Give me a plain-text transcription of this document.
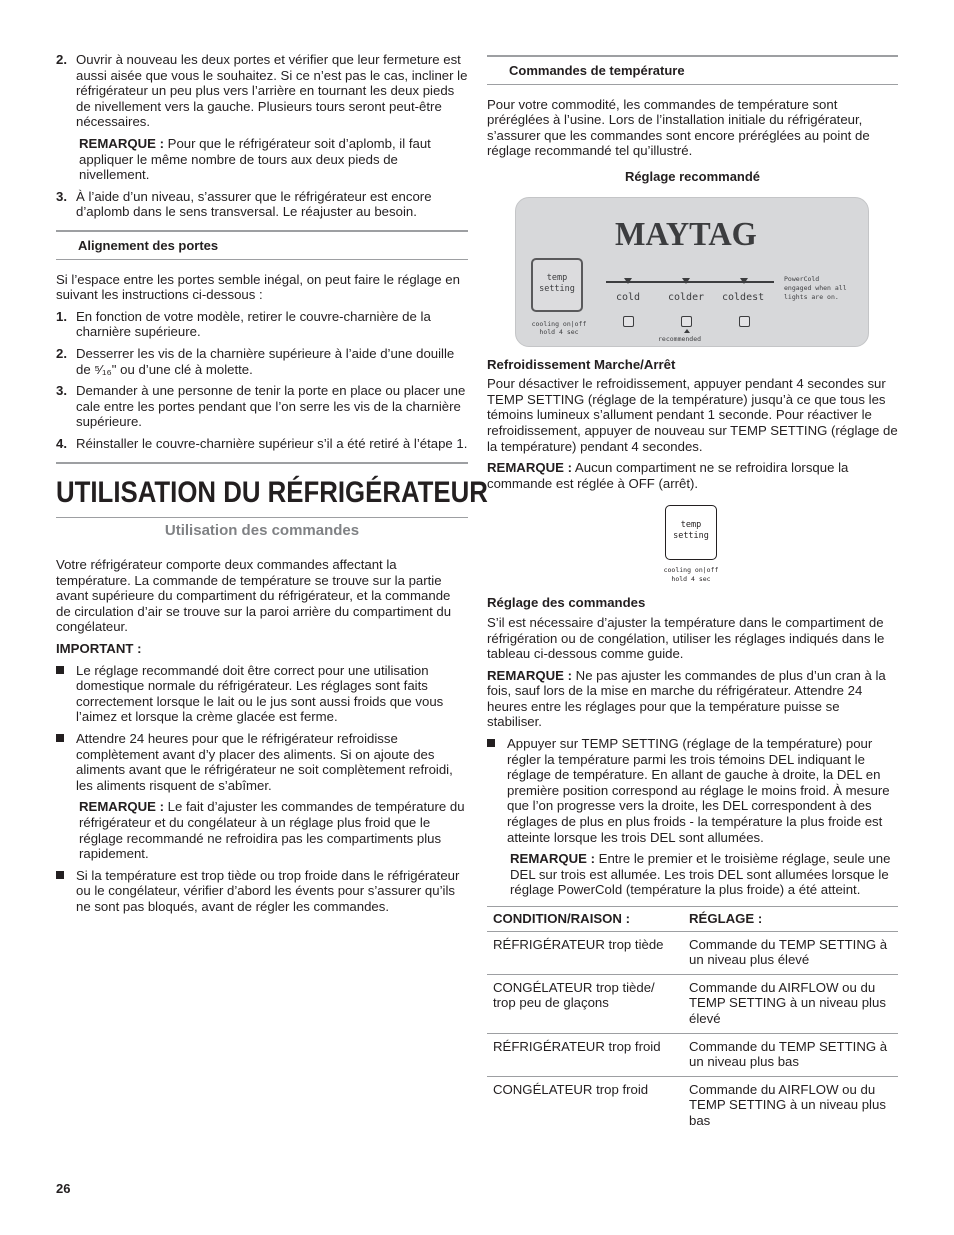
2. Ouvrir à nouveau les deux portes et vérifier que leur fermeture est aussi aisée que vous le souhaitez. Si ce n’est pas le cas, incliner le réfrigérateur un peu plus vers l’arrière en tournant les deux pieds de nivellement vers la gauche. Plusieurs tours seront peut-être nécessaires.

REMARQUE : Pour que le réfrigérateur soit d’aplomb, il faut appliquer le même nombre de tours aux deux pieds de nivellement.

3. À l’aide d’un niveau, s’assurer que le réfrigérateur est encore d’aplomb dans le sens transversal. Le réajuster au besoin.
Alignement des portes

Si l’espace entre les portes semble inégal, on peut faire le réglage en suivant les instructions ci-dessous :

1. En fonction de votre modèle, retirer le couvre-charnière de la charnière supérieure.
2. Desserrer les vis de la charnière supérieure à l’aide d’une douille de ⁵⁄₁₆" ou d’une clé à molette.
3. Demander à une personne de tenir la porte en place ou placer une cale entre les portes pendant que l’on serre les vis de la charnière supérieure.
4. Réinstaller le couvre-charnière supérieur s’il a été retiré à l’étape 1.
UTILISATION DU RÉFRIGÉRATEUR
Utilisation des commandes

Votre réfrigérateur comporte deux commandes affectant la température. La commande de température se trouve sur la partie avant supérieure du compartiment du réfrigérateur, et la commande de circulation d’air se trouve sur la paroi arrière du compartiment du congélateur.

IMPORTANT :

Le réglage recommandé doit être correct pour une utilisation domestique normale du réfrigérateur. Les réglages sont faits correctement lorsque le lait ou le jus sont aussi froids que vous l’aimez et lorsque la crème glacée est ferme.
Attendre 24 heures pour que le réfrigérateur refroidisse complètement avant d’y placer des aliments. Si on ajoute des aliments avant que le réfrigérateur ne soit complètement refroidi, les aliments risquent de s’abîmer.

REMARQUE : Le fait d’ajuster les commandes de température du réfrigérateur et du congélateur à un réglage plus froid que le réglage recommandé ne refroidira pas les compartiments plus rapidement.

Si la température est trop tiède ou trop froide dans le réfrigérateur ou le congélateur, vérifier d’abord les évents pour s’assurer qu’ils ne sont pas bloqués, avant de régler les commandes.
Commandes de température

Pour votre commodité, les commandes de température sont préréglées à l’usine. Lors de l’installation initiale du réfrigérateur, s’assurer que les commandes sont encore préréglées au point de réglage recommandé tel qu’illustré.

Réglage recommandé
MAYTAG
temp
setting
cooling on|off
hold 4 sec
cold	colder coldest
recommended
PowerCold
engaged when all
lights are on.

Refroidissement Marche/Arrêt

Pour désactiver le refroidissement, appuyer pendant 4 secondes sur TEMP SETTING (réglage de la température) jusqu’à ce que tous les témoins lumineux s’allument pendant 1 seconde. Pour réactiver le refroidissement, appuyer de nouveau sur TEMP SETTING (réglage de la température) pendant 4 secondes.

REMARQUE : Aucun compartiment ne se refroidira lorsque la commande est réglée à OFF (arrêt).

temp
setting
cooling on|off
hold 4 sec

Réglage des commandes

S’il est nécessaire d’ajuster la température dans le compartiment de réfrigération ou de congélation, utiliser les réglages indiqués dans le tableau ci-dessous comme guide.

REMARQUE : Ne pas ajuster les commandes de plus d’un cran à la fois, sauf lors de la mise en marche du réfrigérateur. Attendre 24 heures entre les réglages pour que la température puisse se stabiliser.

Appuyer sur TEMP SETTING (réglage de la température) pour régler la température parmi les trois témoins DEL indiquant le réglage de température. En allant de gauche à droite, la DEL en première position correspond au réglage le moins froid. À mesure que l’on progresse vers la droite, les DEL correspondent à des réglages de plus en plus froids - la température la plus froide est atteinte lorsque les trois DEL sont allumées.

REMARQUE : Entre le premier et le troisième réglage, seule une DEL sur trois est allumée. Les trois DEL sont allumées lorsque le réglage PowerCold (température la plus froide) a été atteint.

CONDITION/RAISON :	RÉGLAGE :
RÉFRIGÉRATEUR trop tiède	Commande du TEMP SETTING à un niveau plus élevé
CONGÉLATEUR trop tiède/ trop peu de glaçons	Commande du AIRFLOW ou du TEMP SETTING à un niveau plus élevé
RÉFRIGÉRATEUR trop froid	Commande du TEMP SETTING à un niveau plus bas
CONGÉLATEUR trop froid	Commande du AIRFLOW ou du TEMP SETTING à un niveau plus bas
26
